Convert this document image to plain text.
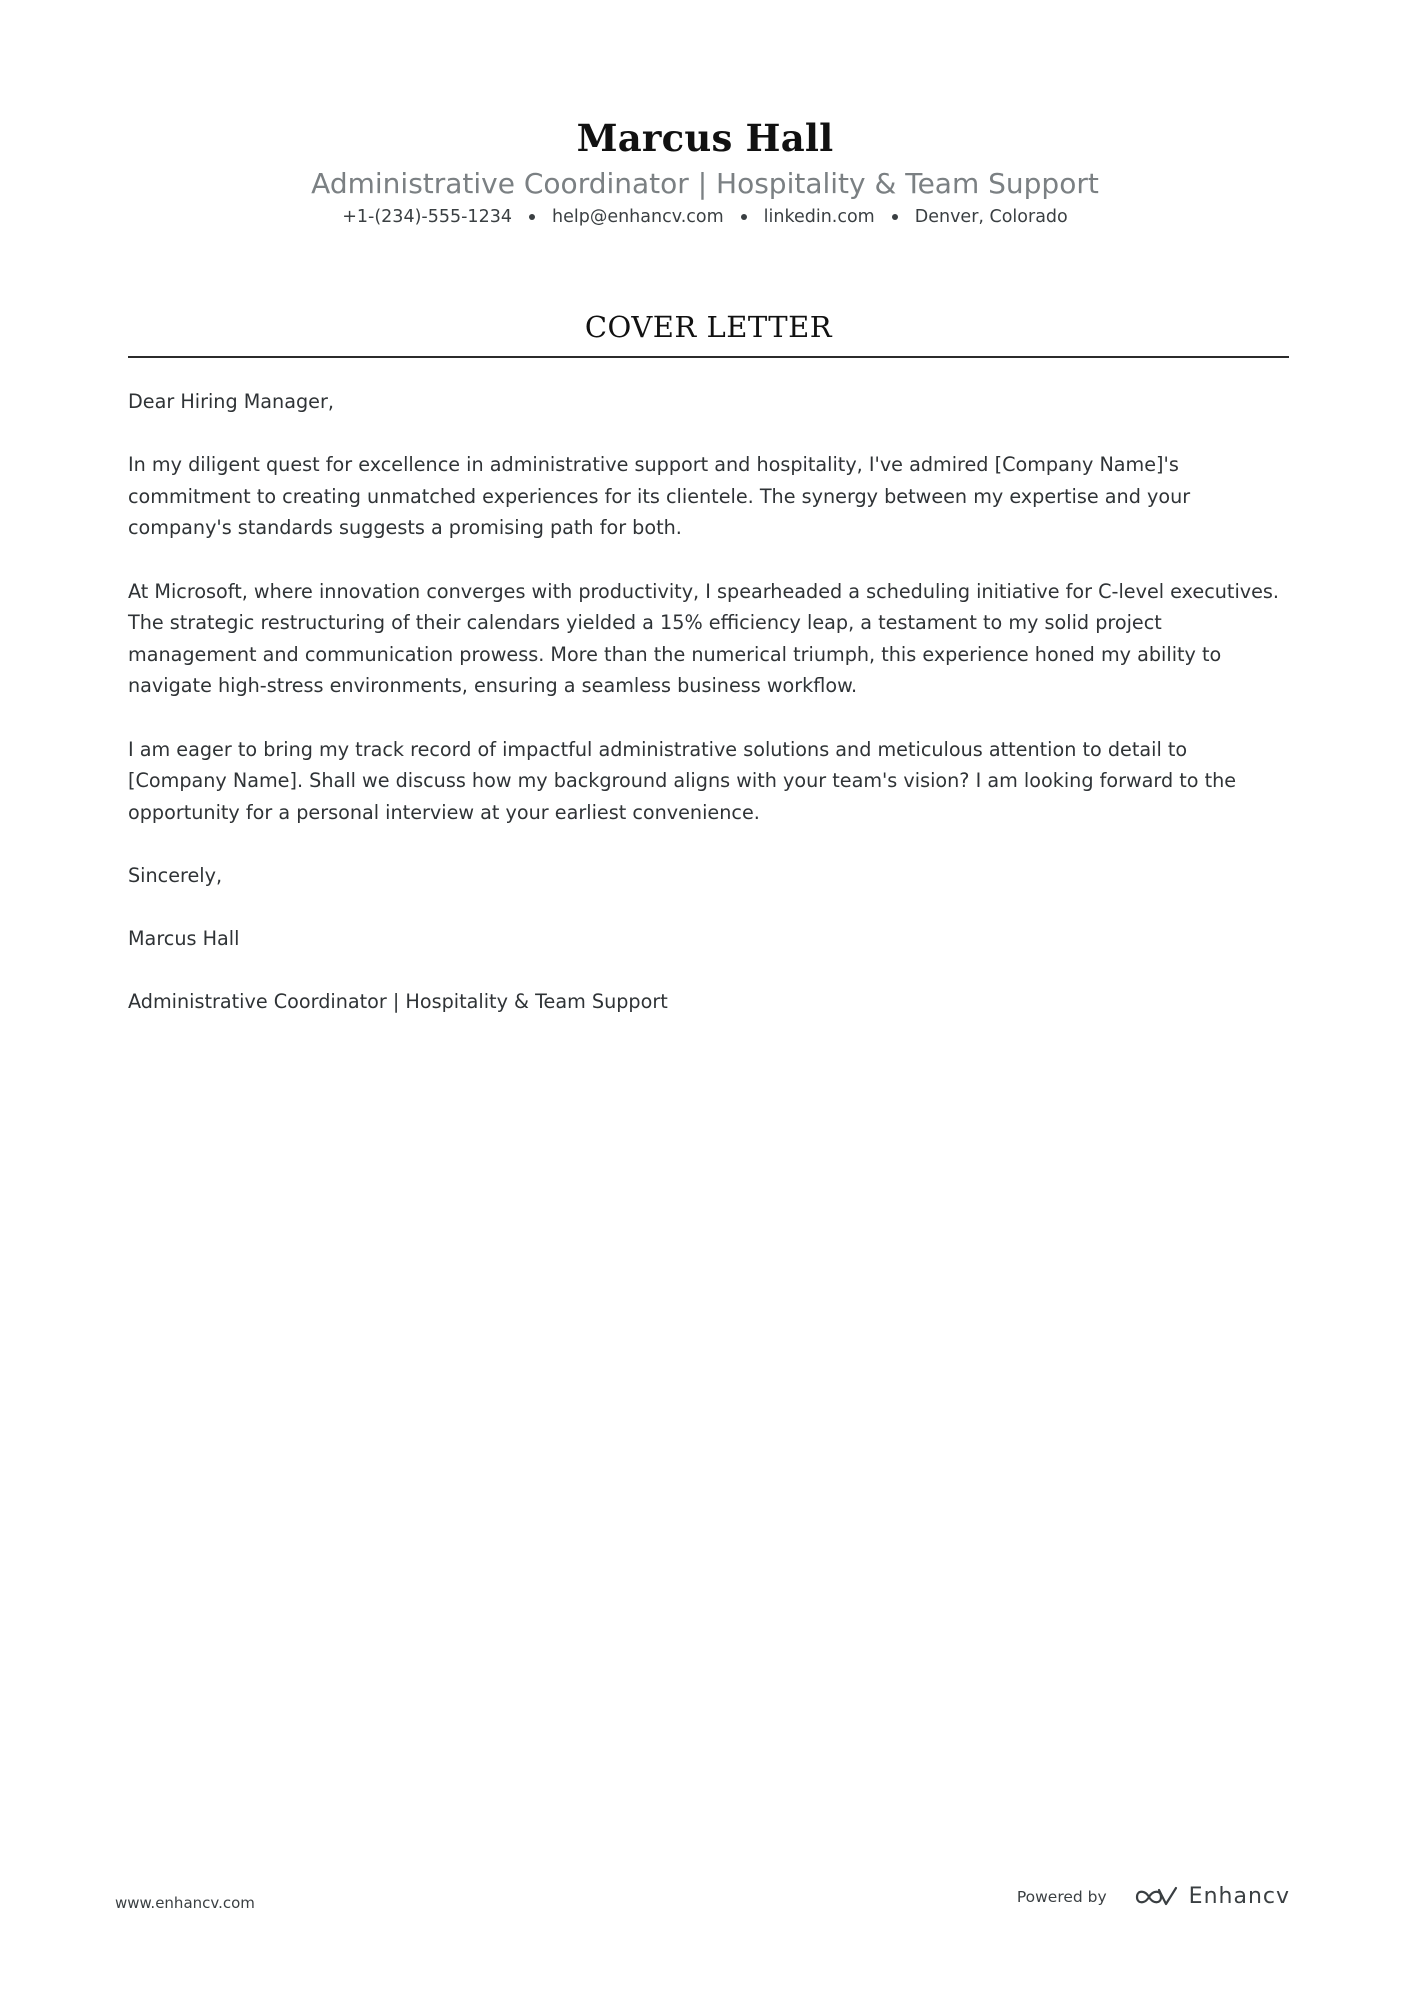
Marcus Hall
Administrative Coordinator | Hospitality & Team Support
+1-(234)-555-1234 help@enhancv.com linkedin.com Denver, Colorado
COVER LETTER

Dear Hiring Manager,

In my diligent quest for excellence in administrative support and hospitality, I've admired [Company Name]'s commitment to creating unmatched experiences for its clientele. The synergy between my expertise and your company's standards suggests a promising path for both.

At Microsoft, where innovation converges with productivity, I spearheaded a scheduling initiative for C-level executives. The strategic restructuring of their calendars yielded a 15% efficiency leap, a testament to my solid project management and communication prowess. More than the numerical triumph, this experience honed my ability to navigate high-stress environments, ensuring a seamless business workflow.

I am eager to bring my track record of impactful administrative solutions and meticulous attention to detail to [Company Name]. Shall we discuss how my background aligns with your team's vision? I am looking forward to the opportunity for a personal interview at your earliest convenience.

Sincerely,

Marcus Hall

Administrative Coordinator | Hospitality & Team Support

www.enhancv.com	Powered by	Enhancv
